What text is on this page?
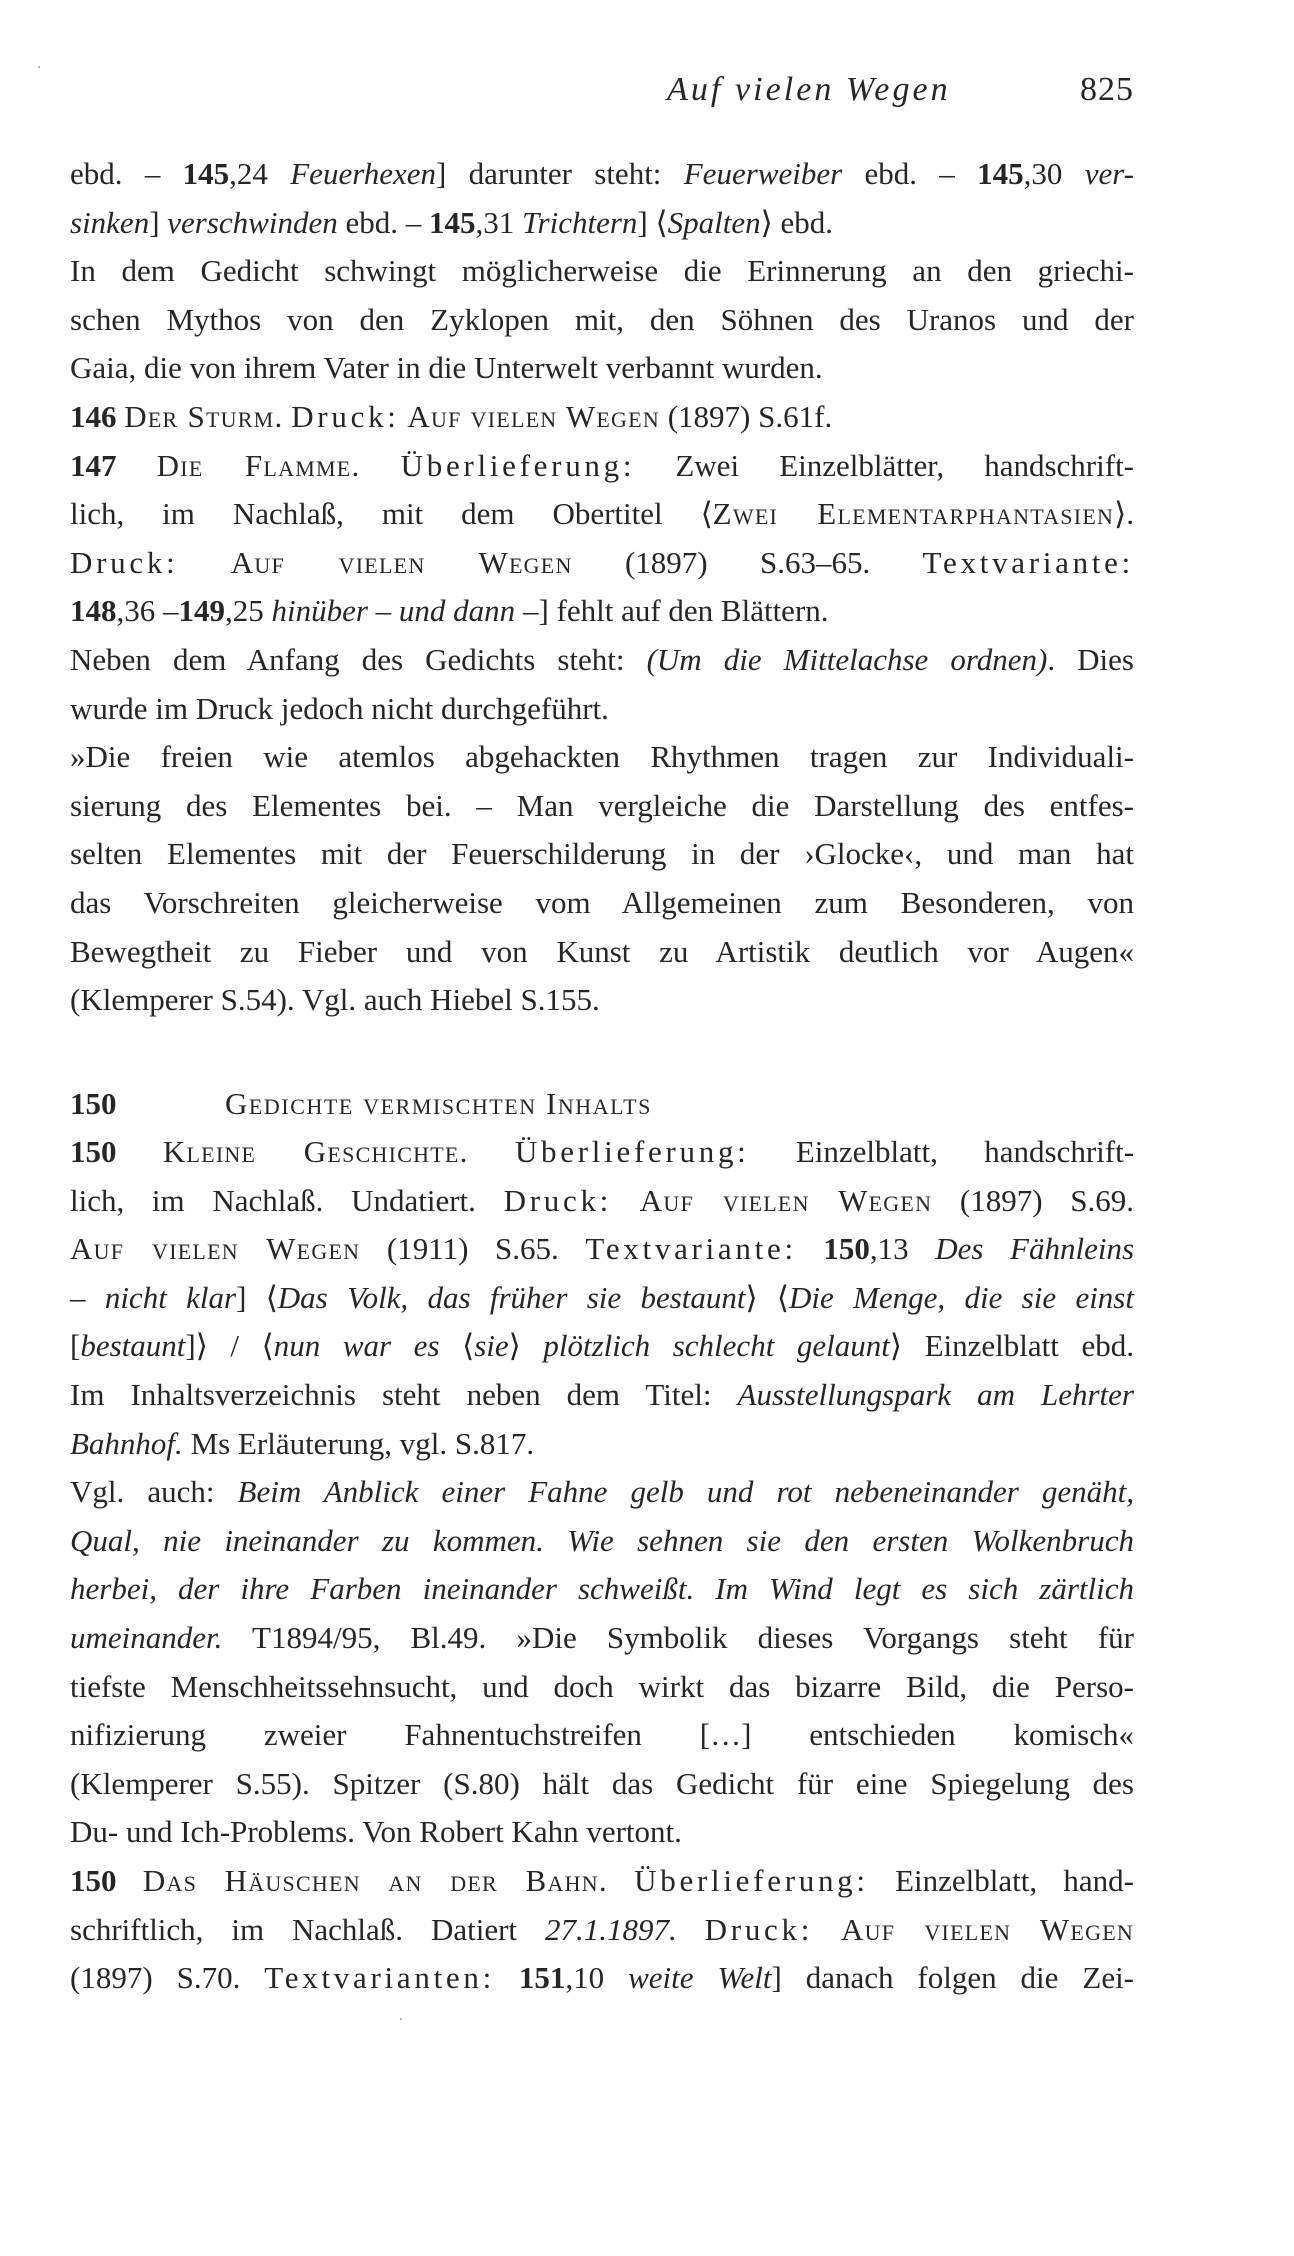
Auf vielen Wegen	825
ebd. – 145,24 Feuerhexen] darunter steht: Feuerweiber ebd. – 145,30 ver-
sinken] verschwinden ebd. – 145,31 Trichtern] ⟨Spalten⟩ ebd.
In dem Gedicht schwingt möglicherweise die Erinnerung an den griechi-
schen Mythos von den Zyklopen mit, den Söhnen des Uranos und der
Gaia, die von ihrem Vater in die Unterwelt verbannt wurden.
146 Der Sturm. Druck: Auf vielen Wegen (1897) S.61f.
147 Die Flamme. Überlieferung: Zwei Einzelblätter, handschrift-
lich, im Nachlaß, mit dem Obertitel ⟨Zwei Elementarphantasien⟩.
Druck: Auf vielen Wegen (1897) S.63–65. Textvariante:
148,36 –149,25 hinüber – und dann –] fehlt auf den Blättern.
Neben dem Anfang des Gedichts steht: (Um die Mittelachse ordnen). Dies
wurde im Druck jedoch nicht durchgeführt.
»Die freien wie atemlos abgehackten Rhythmen tragen zur Individuali-
sierung des Elementes bei. – Man vergleiche die Darstellung des entfes-
selten Elementes mit der Feuerschilderung in der ›Glocke‹, und man hat
das Vorschreiten gleicherweise vom Allgemeinen zum Besonderen, von
Bewegtheit zu Fieber und von Kunst zu Artistik deutlich vor Augen«
(Klemperer S.54). Vgl. auch Hiebel S.155.
150	Gedichte vermischten Inhalts
150 Kleine Geschichte. Überlieferung: Einzelblatt, handschrift-
lich, im Nachlaß. Undatiert. Druck: Auf vielen Wegen (1897) S.69.
Auf vielen Wegen (1911) S.65. Textvariante: 150,13 Des Fähnleins
– nicht klar] ⟨Das Volk, das früher sie bestaunt⟩ ⟨Die Menge, die sie einst
[bestaunt]⟩ / ⟨nun war es ⟨sie⟩ plötzlich schlecht gelaunt⟩ Einzelblatt ebd.
Im Inhaltsverzeichnis steht neben dem Titel: Ausstellungspark am Lehrter
Bahnhof. Ms Erläuterung, vgl. S.817.
Vgl. auch: Beim Anblick einer Fahne gelb und rot nebeneinander genäht,
Qual, nie ineinander zu kommen. Wie sehnen sie den ersten Wolkenbruch
herbei, der ihre Farben ineinander schweißt. Im Wind legt es sich zärtlich
umeinander. T1894/95, Bl.49. »Die Symbolik dieses Vorgangs steht für
tiefste Menschheitssehnsucht, und doch wirkt das bizarre Bild, die Perso-
nifizierung zweier Fahnentuchstreifen […] entschieden komisch«
(Klemperer S.55). Spitzer (S.80) hält das Gedicht für eine Spiegelung des
Du- und Ich-Problems. Von Robert Kahn vertont.
150 Das Häuschen an der Bahn. Überlieferung: Einzelblatt, hand-
schriftlich, im Nachlaß. Datiert 27.1.1897. Druck: Auf vielen Wegen
(1897) S.70. Textvarianten: 151,10 weite Welt] danach folgen die Zei-
